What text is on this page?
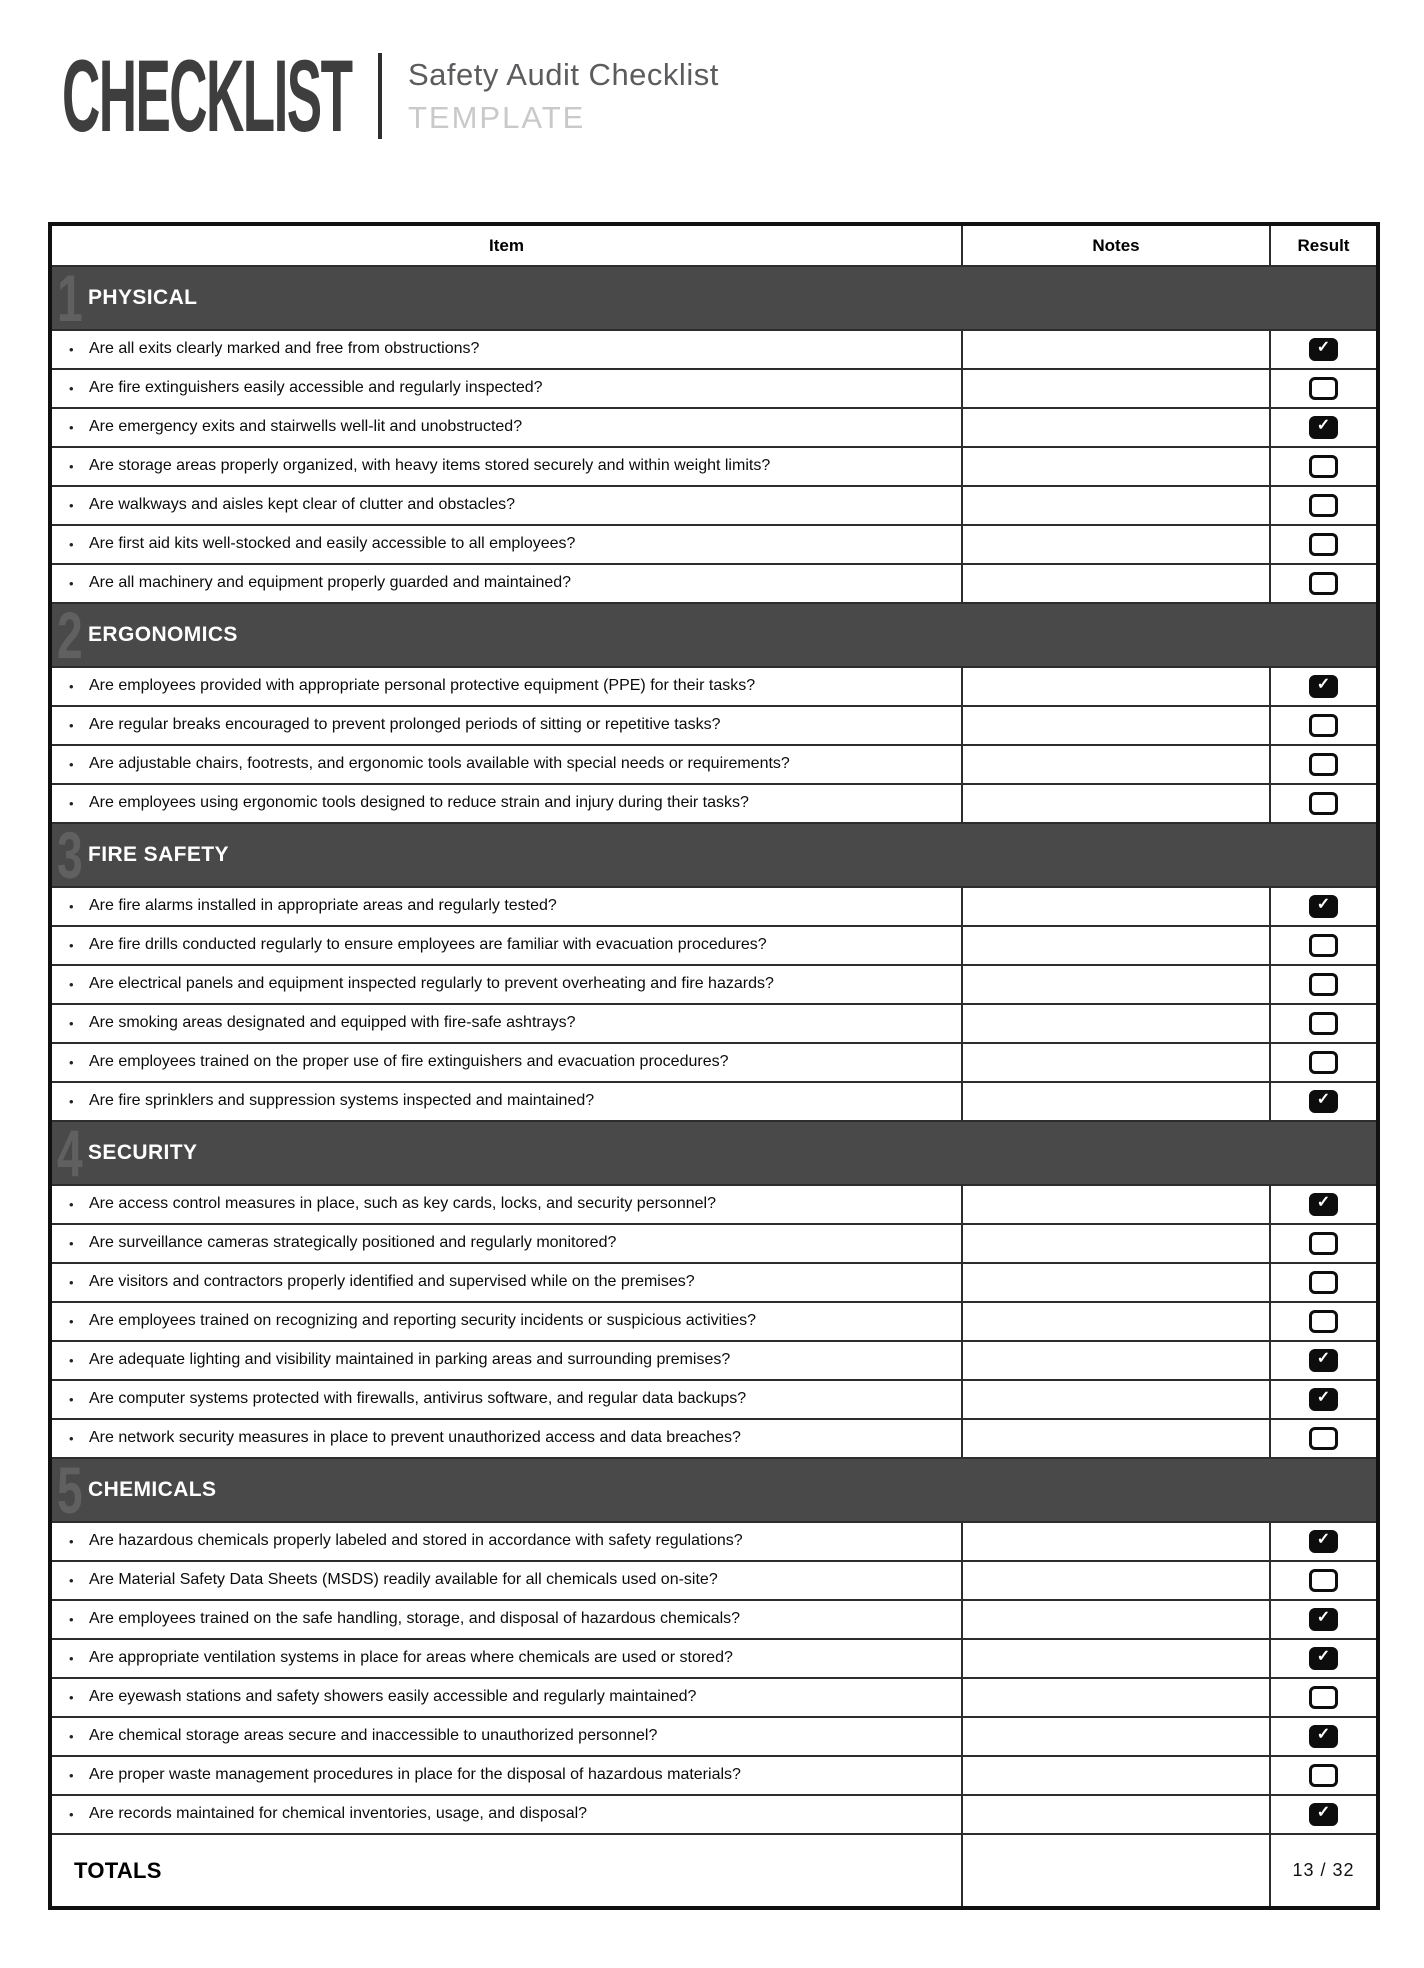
CHECKLIST Safety Audit Checklist
TEMPLATE
Item	Notes	Result

1 PHYSICAL		

• Are all exits clearly marked and free from obstructions?		✓
• Are fire extinguishers easily accessible and regularly inspected?		
• Are emergency exits and stairwells well-lit and unobstructed?		✓
• Are storage areas properly organized, with heavy items stored securely and within weight limits?		
• Are walkways and aisles kept clear of clutter and obstacles?		
• Are first aid kits well-stocked and easily accessible to all employees?		
• Are all machinery and equipment properly guarded and maintained?		

2 ERGONOMICS		

• Are employees provided with appropriate personal protective equipment (PPE) for their tasks?		✓
• Are regular breaks encouraged to prevent prolonged periods of sitting or repetitive tasks?		
• Are adjustable chairs, footrests, and ergonomic tools available with special needs or requirements?		
• Are employees using ergonomic tools designed to reduce strain and injury during their tasks?		

3 FIRE SAFETY		

• Are fire alarms installed in appropriate areas and regularly tested?		✓
• Are fire drills conducted regularly to ensure employees are familiar with evacuation procedures?		
• Are electrical panels and equipment inspected regularly to prevent overheating and fire hazards?		
• Are smoking areas designated and equipped with fire-safe ashtrays?		
• Are employees trained on the proper use of fire extinguishers and evacuation procedures?		
• Are fire sprinklers and suppression systems inspected and maintained?		✓

4 SECURITY		

• Are access control measures in place, such as key cards, locks, and security personnel?		✓
• Are surveillance cameras strategically positioned and regularly monitored?		
• Are visitors and contractors properly identified and supervised while on the premises?		
• Are employees trained on recognizing and reporting security incidents or suspicious activities?		
• Are adequate lighting and visibility maintained in parking areas and surrounding premises?		✓
• Are computer systems protected with firewalls, antivirus software, and regular data backups?		✓
• Are network security measures in place to prevent unauthorized access and data breaches?		

5 CHEMICALS		

• Are hazardous chemicals properly labeled and stored in accordance with safety regulations?		✓
• Are Material Safety Data Sheets (MSDS) readily available for all chemicals used on-site?		
• Are employees trained on the safe handling, storage, and disposal of hazardous chemicals?		✓
• Are appropriate ventilation systems in place for areas where chemicals are used or stored?		✓
• Are eyewash stations and safety showers easily accessible and regularly maintained?		
• Are chemical storage areas secure and inaccessible to unauthorized personnel?		✓
• Are proper waste management procedures in place for the disposal of hazardous materials?		
• Are records maintained for chemical inventories, usage, and disposal?		✓
TOTALS		13 / 32
